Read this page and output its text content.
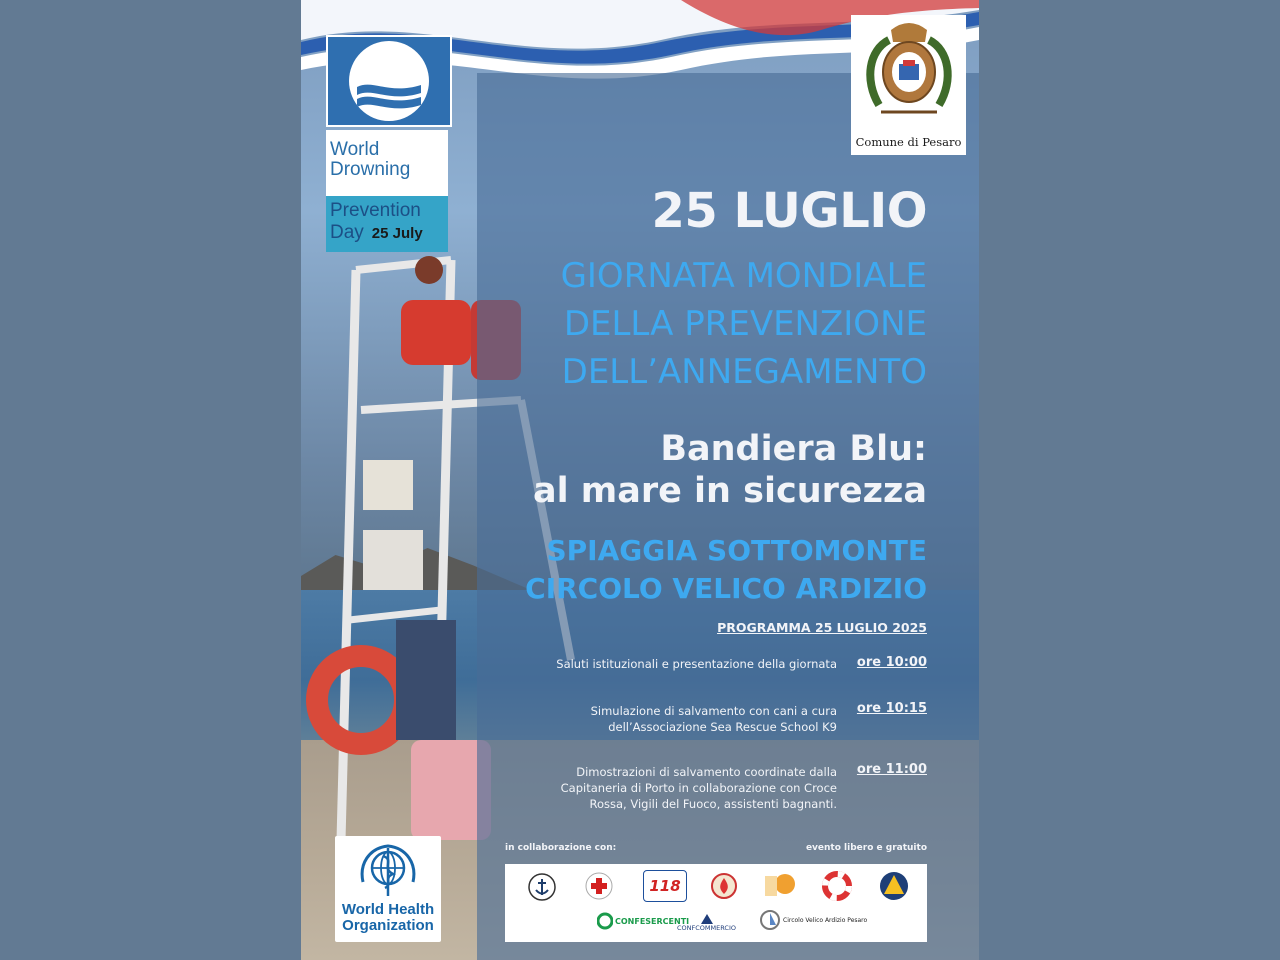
World
Drowning
Prevention
Day 25 July
Comune di Pesaro
25 LUGLIO
GIORNATA MONDIALE
DELLA PREVENZIONE
DELL’ANNEGAMENTO
Bandiera Blu:
al mare in sicurezza
SPIAGGIA SOTTOMONTE
CIRCOLO VELICO ARDIZIO
PROGRAMMA 25 LUGLIO 2025
Saluti istituzionali e presentazione della giornata ore 10:00
Simulazione di salvamento con cani a cura
dell’Associazione Sea Rescue School K9
ore 10:15
Dimostrazioni di salvamento coordinate dalla
Capitaneria di Porto in collaborazione con Croce
Rossa, Vigili del Fuoco, assistenti bagnanti.
ore 11:00
in collaborazione con:	evento libero e gratuito
118
CONFESERCENTI
CONFCOMMERCIO
Circolo Velico Ardizio Pesaro
World Health
Organization
